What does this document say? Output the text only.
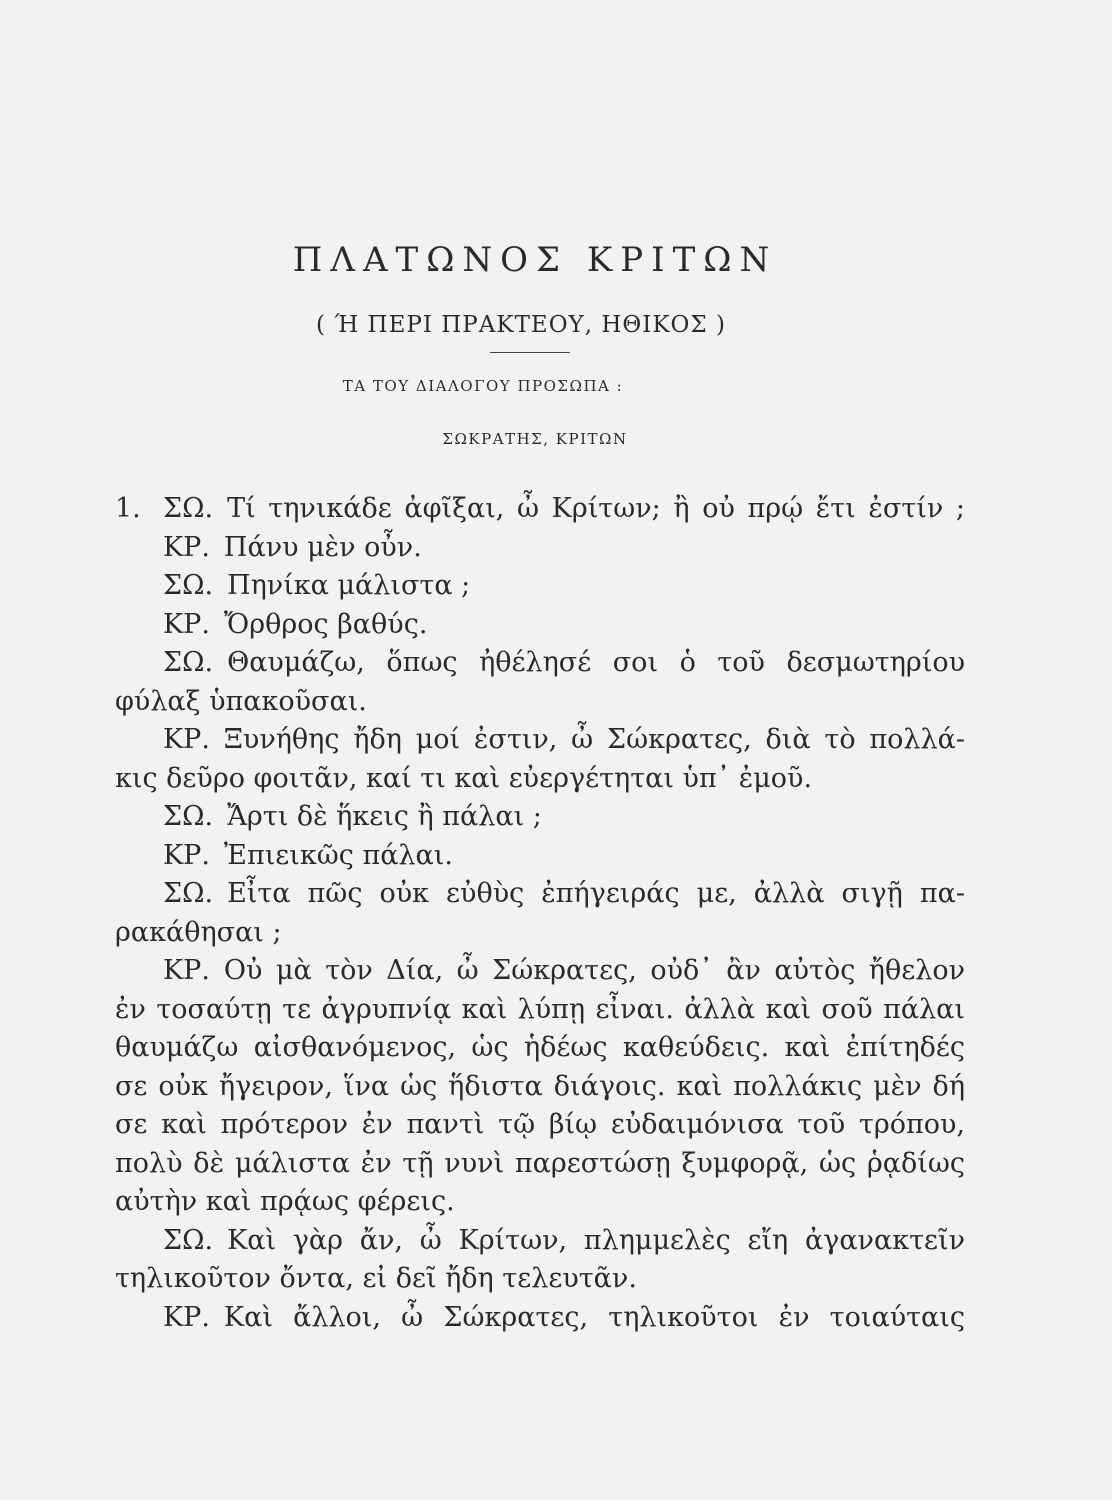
ΠΛΑΤΩΝΟΣ ΚΡΙΤΩΝ
( Ή ΠΕΡΙ ΠΡΑΚΤΕΟΥ, ΗΘΙΚΟΣ )
ΤΑ ΤΟΥ ΔΙΑΛΟΓΟΥ ΠΡΟΣΩΠΑ :
ΣΩΚΡΑΤΗΣ, ΚΡΙΤΩΝ
1. ΣΩ. Τί τηνικάδε ἀφῖξαι, ὦ Κρίτων; ἢ οὐ πρῴ ἔτι ἐστίν ;
ΚΡ. Πάνυ μὲν οὖν.
ΣΩ. Πηνίκα μάλιστα ;
ΚΡ. Ὄρθρος βαθύς.
ΣΩ. Θαυμάζω, ὅπως ἠθέλησέ σοι ὁ τοῦ δεσμωτηρίου
φύλαξ ὑπακοῦσαι.
ΚΡ. Ξυνήθης ἤδη μοί ἐστιν, ὦ Σώκρατες, διὰ τὸ πολλά-
κις δεῦρο φοιτᾶν, καί τι καὶ εὐεργέτηται ὑπ᾽ ἐμοῦ.
ΣΩ. Ἄρτι δὲ ἥκεις ἢ πάλαι ;
ΚΡ. Ἐπιεικῶς πάλαι.
ΣΩ. Εἶτα πῶς οὐκ εὐθὺς ἐπήγειράς με, ἀλλὰ σιγῇ πα-
ρακάθησαι ;
ΚΡ. Οὐ μὰ τὸν Δία, ὦ Σώκρατες, οὐδ᾽ ἂν αὐτὸς ἤθελον
ἐν τοσαύτῃ τε ἀγρυπνίᾳ καὶ λύπῃ εἶναι. ἀλλὰ καὶ σοῦ πάλαι
θαυμάζω αἰσθανόμενος, ὡς ἡδέως καθεύδεις. καὶ ἐπίτηδές
σε οὐκ ἤγειρον, ἵνα ὡς ἥδιστα διάγοις. καὶ πολλάκις μὲν δή
σε καὶ πρότερον ἐν παντὶ τῷ βίῳ εὐδαιμόνισα τοῦ τρόπου,
πολὺ δὲ μάλιστα ἐν τῇ νυνὶ παρεστώσῃ ξυμφορᾷ, ὡς ῥᾳδίως
αὐτὴν καὶ πρᾴως φέρεις.
ΣΩ. Καὶ γὰρ ἄν, ὦ Κρίτων, πλημμελὲς εἴη ἀγανακτεῖν
τηλικοῦτον ὄντα, εἰ δεῖ ἤδη τελευτᾶν.
ΚΡ. Καὶ ἄλλοι, ὦ Σώκρατες, τηλικοῦτοι ἐν τοιαύταις
